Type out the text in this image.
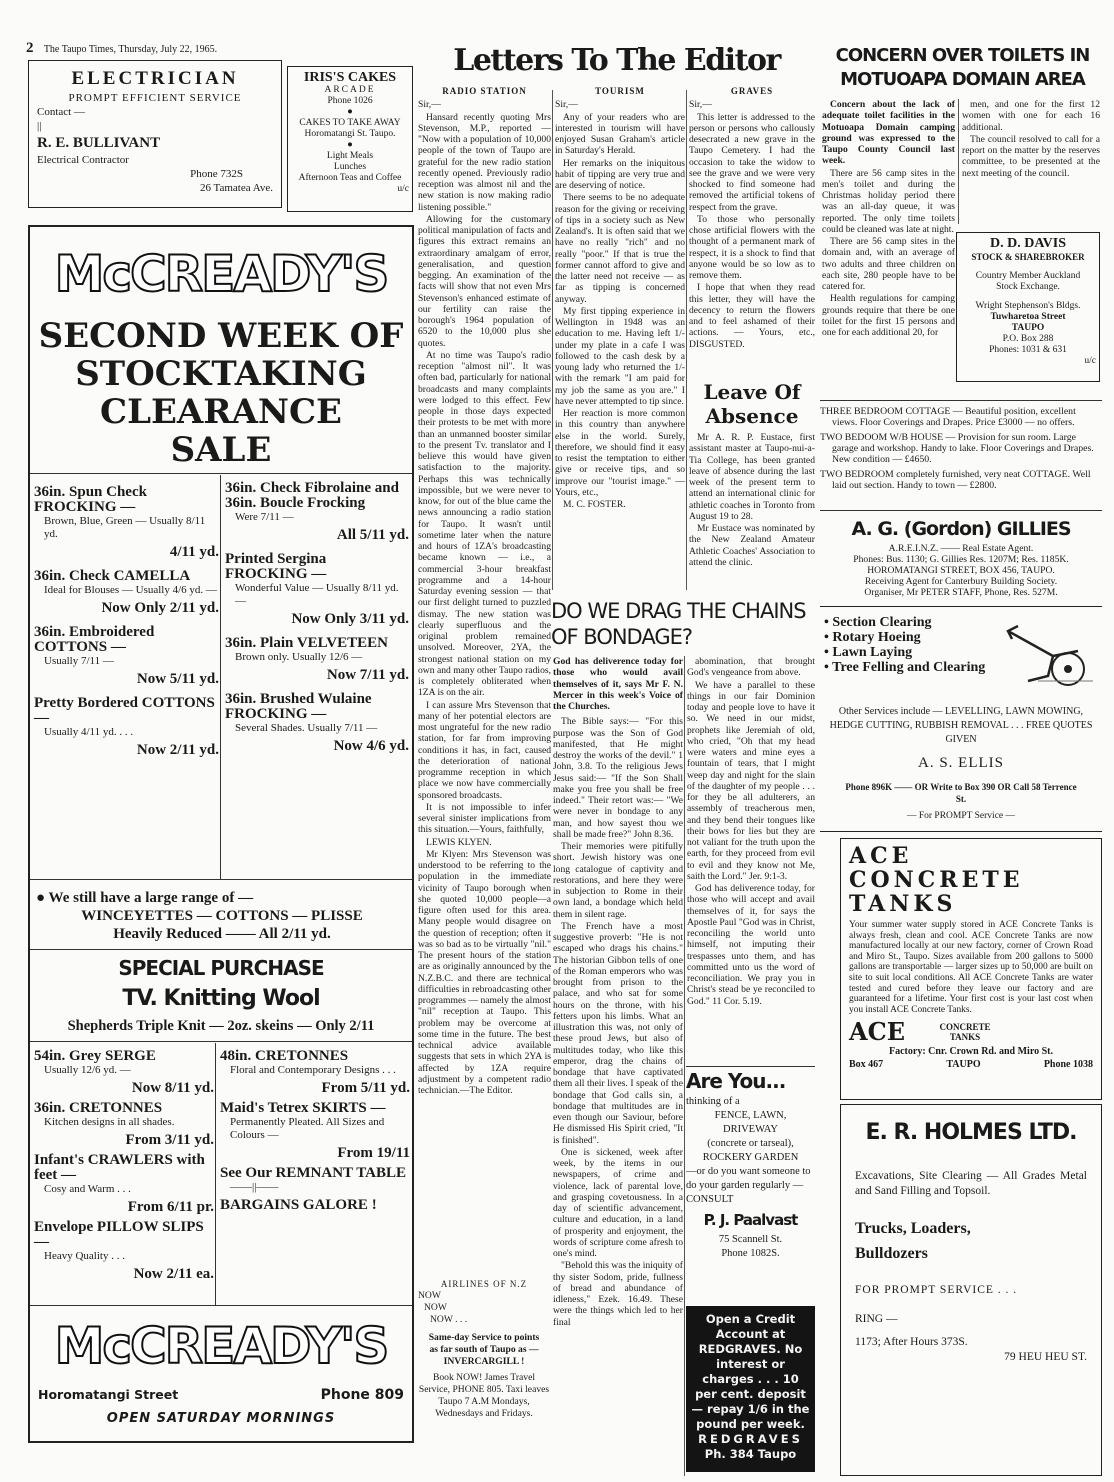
2 The Taupo Times, Thursday, July 22, 1965.
ELECTRICIAN
PROMPT EFFICIENT SERVICE
Contact —
||
R. E. BULLIVANT
Electrical Contractor
Phone 732S
26 Tamatea Ave.
IRIS'S CAKES
ARCADE
Phone 1026
●
CAKES TO TAKE AWAY
Horomatangi St. Taupo.
●
Light Meals
Lunches
Afternoon Teas and Coffee
u/c
McCREADY'S
SECOND WEEK OF
STOCKTAKING
CLEARANCE
SALE
36in. Spun Check FROCKING —
Brown, Blue, Green — Usually 8/11 yd.
4/11 yd.
36in. Check CAMELLA
Ideal for Blouses — Usually 4/6 yd. —
Now Only 2/11 yd.
36in. Embroidered COTTONS —
Usually 7/11 —
Now 5/11 yd.
Pretty Bordered COTTONS —
Usually 4/11 yd. . . .
Now 2/11 yd.
36in. Check Fibrolaine and 36in. Boucle Frocking
Were 7/11 —
All 5/11 yd.
Printed Sergina FROCKING —
Wonderful Value — Usually 8/11 yd. —
Now Only 3/11 yd.
36in. Plain VELVETEEN
Brown only. Usually 12/6 —
Now 7/11 yd.
36in. Brushed Wulaine FROCKING —
Several Shades. Usually 7/11 —
Now 4/6 yd.
● We still have a large range of —
WINCEYETTES — COTTONS — PLISSE
Heavily Reduced —— All 2/11 yd.
SPECIAL PURCHASE
TV. Knitting Wool
Shepherds Triple Knit — 2oz. skeins — Only 2/11
54in. Grey SERGE
Usually 12/6 yd. —
Now 8/11 yd.
36in. CRETONNES
Kitchen designs in all shades.
From 3/11 yd.
Infant's CRAWLERS with feet —
Cosy and Warm . . .
From 6/11 pr.
Envelope PILLOW SLIPS —
Heavy Quality . . .
Now 2/11 ea.
48in. CRETONNES
Floral and Contemporary Designs . . .
From 5/11 yd.
Maid's Tetrex SKIRTS —
Permanently Pleated. All Sizes and Colours —
From 19/11
See Our REMNANT TABLE
——||——
BARGAINS GALORE !
McCREADY'S
Horomatangi Street	Phone 809
OPEN SATURDAY MORNINGS
Letters To The Editor
RADIO STATION

Sir,—

Hansard recently quoting Mrs Stevenson, M.P., reported — "Now with a population of 10,000 people of the town of Taupo are grateful for the new radio station recently opened. Previously radio reception was almost nil and the new station is now making radio listening possible."

Allowing for the customary political manipulation of facts and figures this extract remains an extraordinary amalgam of error, generalisation, and question begging. An examination of the facts will show that not even Mrs Stevenson's enhanced estimate of our fertility can raise the borough's 1964 population of 6520 to the 10,000 plus she quotes.

At no time was Taupo's radio reception "almost nil". It was often bad, particularly for national broadcasts and many complaints were lodged to this effect. Few people in those days expected their protests to be met with more than an unmanned booster similar to the present Tv. translator and I believe this would have given satisfaction to the majority. Perhaps this was technically impossible, but we were never to know, for out of the blue came the news announcing a radio station for Taupo. It wasn't until sometime later when the nature and hours of 1ZA's broadcasting became known — i.e., a commercial 3-hour breakfast programme and a 14-hour Saturday evening session — that our first delight turned to puzzled dismay. The new station was clearly superfluous and the original problem remained unsolved. Moreover, 2YA, the strongest national station on my own and many other Taupo radios, is completely obliterated when 1ZA is on the air.

I can assure Mrs Stevenson that many of her potential electors are most ungrateful for the new radio station, for far from improving conditions it has, in fact, caused the deterioration of national programme reception in which place we now have commercially sponsored broadcasts.

It is not impossible to infer several sinister implications from this situation.—Yours, faithfully,

LEWIS KLYEN.

Mr Klyen: Mrs Stevenson was understood to be referring to the population in the immediate vicinity of Taupo borough when she quoted 10,000 people—a figure often used for this area. Many people would disagree on the question of reception; often it was so bad as to be virtually "nil." The present hours of the station are as originally announced by the N.Z.B.C. and there are technical difficulties in rebroadcasting other programmes — namely the almost "nil" reception at Taupo. This problem may be overcome at some time in the future. The best technical advice available suggests that sets in which 2YA is affected by 1ZA require adjustment by a competent radio technician.—The Editor.

TOURISM

Sir,—

Any of your readers who are interested in tourism will have enjoyed Susan Graham's article in Saturday's Herald.

Her remarks on the iniquitous habit of tipping are very true and are deserving of notice.

There seems to be no adequate reason for the giving or receiving of tips in a society such as New Zealand's. It is often said that we have no really "rich" and no really "poor." If that is true the former cannot afford to give and the latter need not receive — as far as tipping is concerned anyway.

My first tipping experience in Wellington in 1948 was an education to me. Having left 1/- under my plate in a cafe I was followed to the cash desk by a young lady who returned the 1/- with the remark "I am paid for my job the same as you are." I have never attempted to tip since.

Her reaction is more common in this country than anywhere else in the world. Surely, therefore, we should find it easy to resist the temptation to either give or receive tips, and so improve our "tourist image." — Yours, etc.,

M. C. FOSTER.

GRAVES

Sir,—

This letter is addressed to the person or persons who callously desecrated a new grave in the Taupo Cemetery. I had the occasion to take the widow to see the grave and we were very shocked to find someone had removed the artificial tokens of respect from the grave.

To those who personally chose artificial flowers with the thought of a permanent mark of respect, it is a shock to find that anyone would be so low as to remove them.

I hope that when they read this letter, they will have the decency to return the flowers and to feel ashamed of their actions. — Yours, etc., DISGUSTED.

Leave Of Absence

Mr A. R. P. Eustace, first assistant master at Taupo-nui-a-Tia College, has been granted leave of absence during the last week of the present term to attend an international clinic for athletic coaches in Toronto from August 19 to 28.

Mr Eustace was nominated by the New Zealand Amateur Athletic Coaches' Association to attend the clinic.

DO WE DRAG THE CHAINS OF BONDAGE?

God has deliverence today for those who would avail themselves of it, says Mr F. N. Mercer in this week's Voice of the Churches.

The Bible says:— "For this purpose was the Son of God manifested, that He might destroy the works of the devil." 1 John, 3.8. To the religious Jews Jesus said:— "If the Son Shall make you free you shall be free indeed." Their retort was:— "We were never in bondage to any man, and how sayest thou we shall be made free?" John 8.36.

Their memories were pitifully short. Jewish history was one long catalogue of captivity and restorations, and here they were in subjection to Rome in their own land, a bondage which held them in silent rage.

The French have a most suggestive proverb: "He is not escaped who drags his chains." The historian Gibbon tells of one of the Roman emperors who was brought from prison to the palace, and who sat for some hours on the throne, with his fetters upon his limbs. What an illustration this was, not only of these proud Jews, but also of multitudes today, who like this emperor, drag the chains of bondage that have captivated them all their lives. I speak of the bondage that God calls sin, a bondage that multitudes are in even though our Saviour, before He dismissed His Spirit cried, "It is finished".

One is sickened, week after week, by the items in our newspapers, of crime and violence, lack of parental love, and grasping covetousness. In a day of scientific advancement, culture and education, in a land of prosperity and enjoyment, the words of scripture come afresh to one's mind.

"Behold this was the iniquity of thy sister Sodom, pride, fullness of bread and abundance of idleness," Ezek. 16.49. These were the things which led to her final

abomination, that brought God's vengeance from above.

We have a parallel to these things in our fair Dominion today and people love to have it so. We need in our midst, prophets like Jeremiah of old, who cried, "Oh that my head were waters and mine eyes a fountain of tears, that I might weep day and night for the slain of the daughter of my people . . . for they be all adulterers, an assembly of treacherous men, and they bend their tongues like their bows for lies but they are not valiant for the truth upon the earth, for they proceed from evil to evil and they know not Me, saith the Lord." Jer. 9:1-3.

God has deliverence today, for those who will accept and avail themselves of it, for says the Apostle Paul "God was in Christ, reconciling the world unto himself, not imputing their trespasses unto them, and has committed unto us the word of reconciliation. We pray you in Christ's stead be ye reconciled to God." 11 Cor. 5.19.

AIRLINES OF N.Z
NOW
NOW
NOW . . .
Same-day Service to points as far south of Taupo as —
INVERCARGILL !
Book NOW! James Travel Service, PHONE 805. Taxi leaves Taupo 7 A.M Mondays, Wednesdays and Fridays.
Are You...
thinking of a
FENCE, LAWN, DRIVEWAY
(concrete or tarseal),
ROCKERY GARDEN
—or do you want someone to do your garden regularly — CONSULT
P. J. Paalvast
75 Scannell St.
Phone 1082S.
Open a Credit Account at REDGRAVES. No interest or charges . . . 10 per cent. deposit — repay 1/6 in the pound per week.
REDGRAVES
Ph. 384 Taupo
CONCERN OVER TOILETS IN MOTUOAPA DOMAIN AREA

Concern about the lack of adequate toilet facilities in the Motuoapa Domain camping ground was expressed to the Taupo County Council last week.

There are 56 camp sites in the men's toilet and during the Christmas holiday period there was an all-day queue, it was reported. The only time toilets could be cleaned was late at night.

There are 56 camp sites in the domain and, with an average of two adults and three children on each site, 280 people have to be catered for.

Health regulations for camping grounds require that there be one toilet for the first 15 persons and one for each additional 20, for

men, and one for the first 12 women with one for each 16 additional.

The council resolved to call for a report on the matter by the reserves committee, to be presented at the next meeting of the council.

D. D. DAVIS
STOCK & SHAREBROKER
Country Member Auckland Stock Exchange.
Wright Stephenson's Bldgs.
Tuwharetoa Street
TAUPO
P.O. Box 288
Phones: 1031 & 631
u/c
THREE BEDROOM COTTAGE — Beautiful position, excellent views. Floor Coverings and Drapes. Price £3000 — no offers.
TWO BEDOOM W/B HOUSE — Provision for sun room. Large garage and workshop. Handy to lake. Floor Coverings and Drapes. New condition — £4650.
TWO BEDROOM completely furnished, very neat COTTAGE. Well laid out section. Handy to town — £2800.
A. G. (Gordon) GILLIES
A.R.E.I.N.Z. —— Real Estate Agent.
Phones: Bus. 1130; G. Gillies Res. 1207M; Res. 1185K.
HOROMATANGI STREET, BOX 456, TAUPO.
Receiving Agent for Canterbury Building Society.
Organiser, Mr PETER STAFF, Phone, Res. 527M.
• Section Clearing
• Rotary Hoeing
• Lawn Laying
• Tree Felling and Clearing
Other Services include — LEVELLING, LAWN MOWING, HEDGE CUTTING, RUBBISH REMOVAL . . . FREE QUOTES GIVEN
A. S. ELLIS
Phone 896K —— OR Write to Box 390 OR Call 58 Terrence St.
— For PROMPT Service —
ACE
CONCRETE
TANKS
Your summer water supply stored in ACE Concrete Tanks is always fresh, clean and cool. ACE Concrete Tanks are now manufactured locally at our new factory, corner of Crown Road and Miro St., Taupo. Sizes available from 200 gallons to 5000 gallons are transportable — larger sizes up to 50,000 are built on site to suit local conditions. All ACE Concrete Tanks are water tested and cured before they leave our factory and are guaranteed for a lifetime. Your first cost is your last cost when you install ACE Concrete Tanks.
ACE	CONCRETE TANKS
Factory: Cnr. Crown Rd. and Miro St.
Box 467	TAUPO	Phone 1038
E. R. HOLMES LTD.
Excavations, Site Clearing — All Grades Metal and Sand Filling and Topsoil.
Trucks, Loaders,
Bulldozers
FOR PROMPT SERVICE . . .
RING —
1173; After Hours 373S.
79 HEU HEU ST.
